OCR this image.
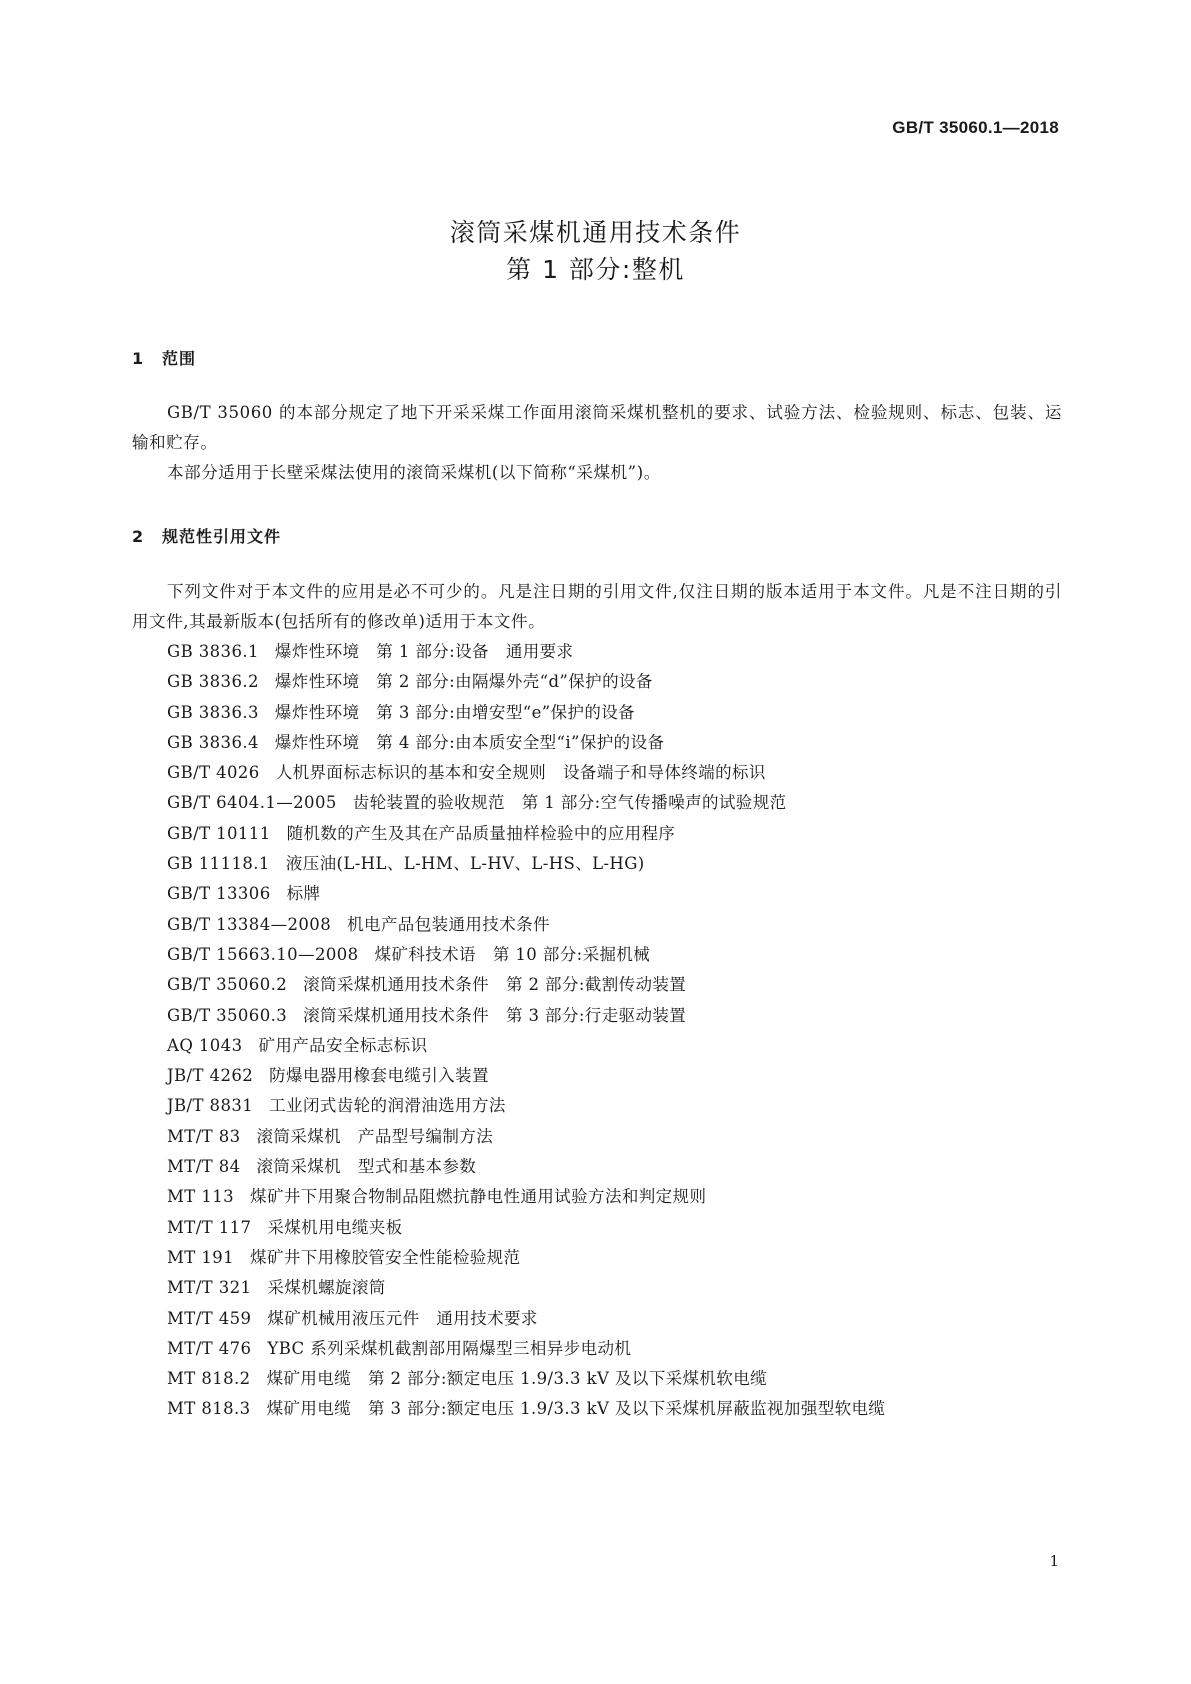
GB/T 35060.1—2018
滚筒采煤机通用技术条件
第 1 部分:整机
1 范围

GB/T 35060 的本部分规定了地下开采采煤工作面用滚筒采煤机整机的要求、试验方法、检验规则、标志、包装、运输和贮存。

本部分适用于长壁采煤法使用的滚筒采煤机(以下简称“采煤机”)。

2 规范性引用文件

下列文件对于本文件的应用是必不可少的。凡是注日期的引用文件,仅注日期的版本适用于本文件。凡是不注日期的引用文件,其最新版本(包括所有的修改单)适用于本文件。

GB 3836.1 爆炸性环境　第 1 部分:设备　通用要求
GB 3836.2 爆炸性环境　第 2 部分:由隔爆外壳“d”保护的设备
GB 3836.3 爆炸性环境　第 3 部分:由增安型“e”保护的设备
GB 3836.4 爆炸性环境　第 4 部分:由本质安全型“i”保护的设备
GB/T 4026 人机界面标志标识的基本和安全规则　设备端子和导体终端的标识
GB/T 6404.1—2005 齿轮装置的验收规范　第 1 部分:空气传播噪声的试验规范
GB/T 10111 随机数的产生及其在产品质量抽样检验中的应用程序
GB 11118.1 液压油(L-HL、L-HM、L-HV、L-HS、L-HG)
GB/T 13306 标牌
GB/T 13384—2008 机电产品包装通用技术条件
GB/T 15663.10—2008 煤矿科技术语　第 10 部分:采掘机械
GB/T 35060.2 滚筒采煤机通用技术条件　第 2 部分:截割传动装置
GB/T 35060.3 滚筒采煤机通用技术条件　第 3 部分:行走驱动装置
AQ 1043 矿用产品安全标志标识
JB/T 4262 防爆电器用橡套电缆引入装置
JB/T 8831 工业闭式齿轮的润滑油选用方法
MT/T 83 滚筒采煤机　产品型号编制方法
MT/T 84 滚筒采煤机　型式和基本参数
MT 113 煤矿井下用聚合物制品阻燃抗静电性通用试验方法和判定规则
MT/T 117 采煤机用电缆夹板
MT 191 煤矿井下用橡胶管安全性能检验规范
MT/T 321 采煤机螺旋滚筒
MT/T 459 煤矿机械用液压元件　通用技术要求
MT/T 476 YBC 系列采煤机截割部用隔爆型三相异步电动机
MT 818.2 煤矿用电缆　第 2 部分:额定电压 1.9/3.3 kV 及以下采煤机软电缆
MT 818.3 煤矿用电缆　第 3 部分:额定电压 1.9/3.3 kV 及以下采煤机屏蔽监视加强型软电缆
1
